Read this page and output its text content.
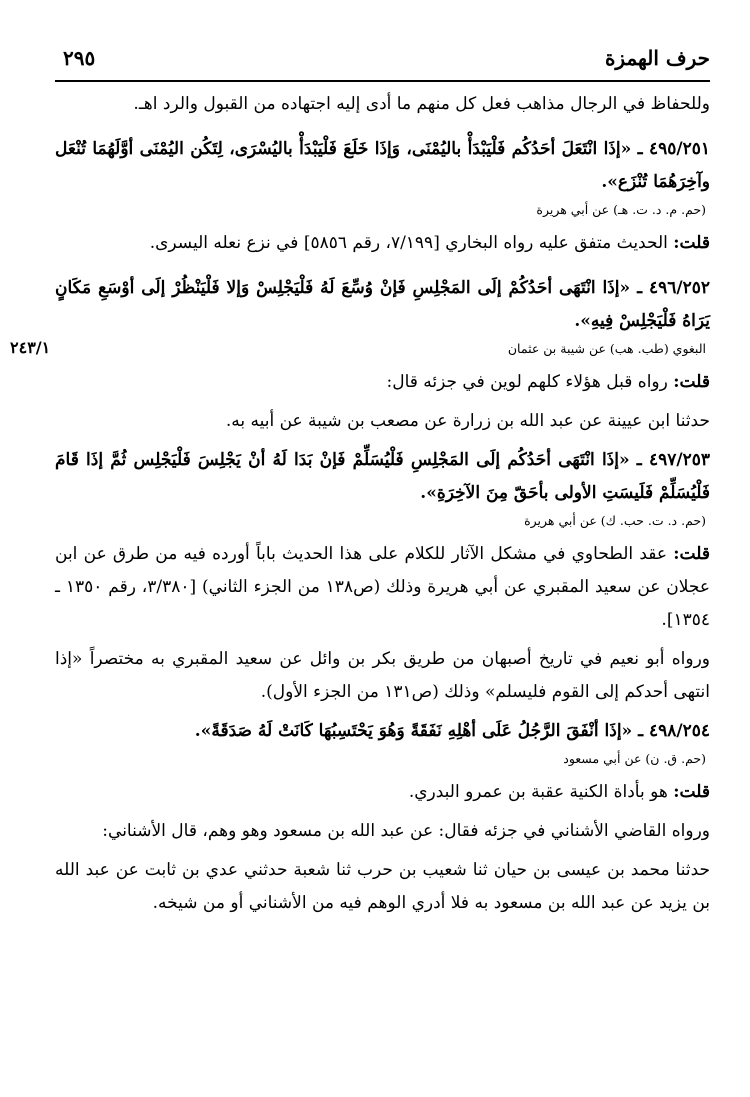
حرف الهمزة
٢٩٥
٢٤٣/١

وللحفاظ في الرجال مذاهب فعل كل منهم ما أدى إليه اجتهاده من القبول والرد اهـ.

٤٩٥/٢٥١ ـ «إذَا انْتَعَلَ أحَدُكُم فَلْيَبْدَأْ باليُمْنَى، وَإذَا خَلَعَ فَلْيَبْدَأْ باليُسْرَى، لِتَكُن اليُمْنَى أوَّلَهُمَا تُنْعَل وآخِرَهُمَا تُنْزَع».

(حم. م. د. ت. هـ) عن أبي هريرة

قلت: الحديث متفق عليه رواه البخاري [٧/١٩٩، رقم ٥٨٥٦] في نزع نعله اليسرى.

٤٩٦/٢٥٢ ـ «إذَا انْتَهَى أحَدُكُمْ إلَى المَجْلِسِ فَإنْ وُسِّعَ لَهُ فَلْيَجْلِسْ وَإلا فَلْيَنْظُرْ إلَى أوْسَعِ مَكَانٍ يَرَاهُ فَلْيَجْلِسْ فِيهِ».

البغوي (طب. هب) عن شيبة بن عثمان

قلت: رواه قبل هؤلاء كلهم لوين في جزئه قال:

حدثنا ابن عيينة عن عبد الله بن زرارة عن مصعب بن شيبة عن أبيه به.

٤٩٧/٢٥٣ ـ «إذَا انْتَهَى أحَدُكُم إلَى المَجْلِسِ فَلْيُسَلِّمْ فَإنْ بَدَا لَهُ أنْ يَجْلِسَ فَلْيَجْلِس ثُمَّ إذَا قَامَ فَلْيُسَلِّمْ فَلَيسَتِ الأولى بأحَقّ مِنَ الآخِرَةِ».

(حم. د. ت. حب. ك) عن أبي هريرة

قلت: عقد الطحاوي في مشكل الآثار للكلام على هذا الحديث باباً أورده فيه من طرق عن ابن عجلان عن سعيد المقبري عن أبي هريرة وذلك (ص١٣٨ من الجزء الثاني) [٣/٣٨٠، رقم ١٣٥٠ ـ ١٣٥٤].

ورواه أبو نعيم في تاريخ أصبهان من طريق بكر بن وائل عن سعيد المقبري به مختصراً «إذا انتهى أحدكم إلى القوم فليسلم» وذلك (ص١٣١ من الجزء الأول).

٤٩٨/٢٥٤ ـ «إذَا أنْفَقَ الرَّجُلُ عَلَى أهْلِهِ نَفَقَةً وَهُوَ يَحْتَسِبُهَا كَانَتْ لَهُ صَدَقَةً».

(حم. ق. ن) عن أبي مسعود

قلت: هو بأداة الكنية عقبة بن عمرو البدري.

ورواه القاضي الأشناني في جزئه فقال: عن عبد الله بن مسعود وهو وهم، قال الأشناني:

حدثنا محمد بن عيسى بن حيان ثنا شعيب بن حرب ثنا شعبة حدثني عدي بن ثابت عن عبد الله بن يزيد عن عبد الله بن مسعود به فلا أدري الوهم فيه من الأشناني أو من شيخه.
